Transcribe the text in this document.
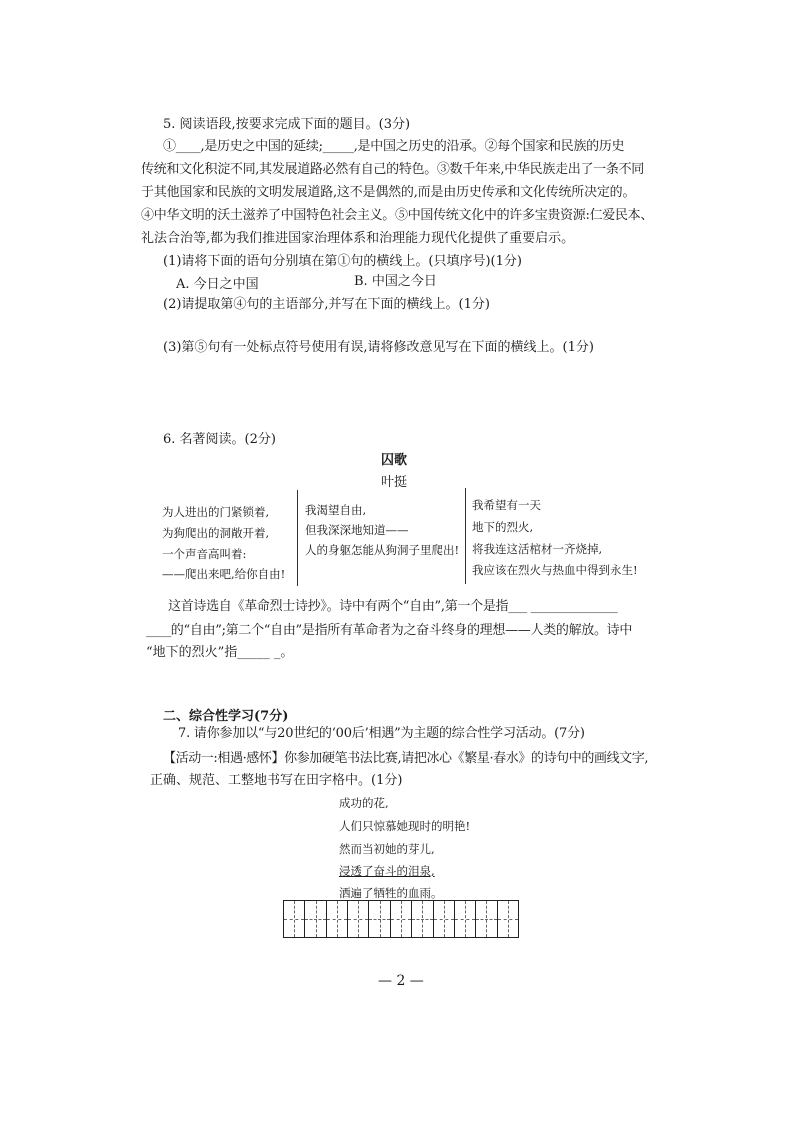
5. 阅读语段,按要求完成下面的题目。(3分)
①____,是历史之中国的延续;_____,是中国之历史的沿承。②每个国家和民族的历史
传统和文化积淀不同,其发展道路必然有自己的特色。③数千年来,中华民族走出了一条不同
于其他国家和民族的文明发展道路,这不是偶然的,而是由历史传承和文化传统所决定的。
④中华文明的沃土滋养了中国特色社会主义。⑤中国传统文化中的许多宝贵资源:仁爱民本、
礼法合治等,都为我们推进国家治理体系和治理能力现代化提供了重要启示。
(1)请将下面的语句分别填在第①句的横线上。(只填序号)(1分)
A. 今日之中国	B. 中国之今日
(2)请提取第④句的主语部分,并写在下面的横线上。(1分)
(3)第⑤句有一处标点符号使用有误,请将修改意见写在下面的横线上。(1分)
6. 名著阅读。(2分)
囚歌
叶挺
为人进出的门紧锁着,
为狗爬出的洞敞开着,
一个声音高叫着:
——爬出来吧,给你自由!
我渴望自由,
但我深深地知道——
人的身躯怎能从狗洞子里爬出!
我希望有一天
地下的烈火,
将我连这活棺材一齐烧掉,
我应该在烈火与热血中得到永生!
这首诗选自《革命烈士诗抄》。诗中有两个“自由”,第一个是指___ ______________
____的“自由”;第二个“自由”是指所有革命者为之奋斗终身的理想——人类的解放。诗中
“地下的烈火”指_____ _。
二、综合性学习(7分)
7. 请你参加以“与20世纪的‘00后’相遇”为主题的综合性学习活动。(7分)
【活动一:相遇·感怀】你参加硬笔书法比赛,请把冰心《繁星·春水》的诗句中的画线文字,
正确、规范、工整地书写在田字格中。(1分)
成功的花,
人们只惊慕她现时的明艳!
然而当初她的芽儿,
浸透了奋斗的泪泉,
洒遍了牺牲的血雨。
— 2 —
